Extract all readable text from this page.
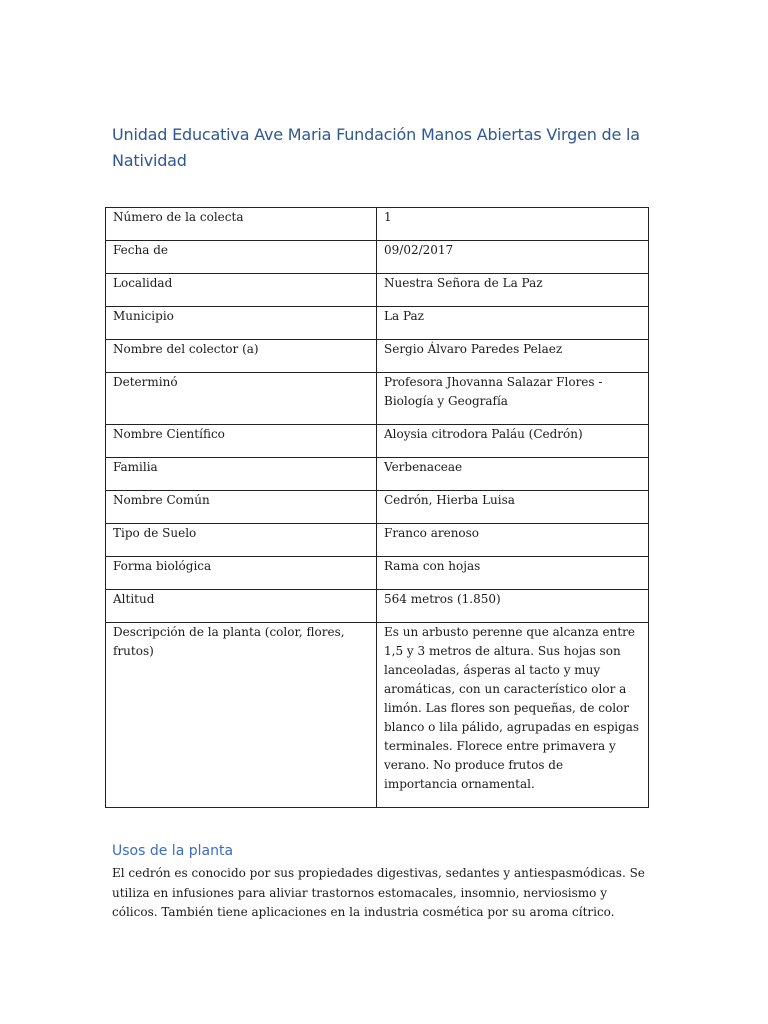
Unidad Educativa Ave Maria Fundación Manos Abiertas Virgen de la Natividad
Número de la colecta	1
Fecha de	09/02/2017
Localidad	Nuestra Señora de La Paz
Municipio	La Paz
Nombre del colector (a)	Sergio Álvaro Paredes Pelaez
Determinó	Profesora Jhovanna Salazar Flores - Biología y Geografía
Nombre Científico	Aloysia citrodora Paláu (Cedrón)
Familia	Verbenaceae
Nombre Común	Cedrón, Hierba Luisa
Tipo de Suelo	Franco arenoso
Forma biológica	Rama con hojas
Altitud	564 metros (1.850)
Descripción de la planta (color, flores, frutos)	Es un arbusto perenne que alcanza entre 1,5 y 3 metros de altura. Sus hojas son lanceoladas, ásperas al tacto y muy aromáticas, con un característico olor a limón. Las flores son pequeñas, de color blanco o lila pálido, agrupadas en espigas terminales. Florece entre primavera y verano. No produce frutos de importancia ornamental.
Usos de la planta

El cedrón es conocido por sus propiedades digestivas, sedantes y antiespasmódicas. Se utiliza en infusiones para aliviar trastornos estomacales, insomnio, nerviosismo y cólicos. También tiene aplicaciones en la industria cosmética por su aroma cítrico.
